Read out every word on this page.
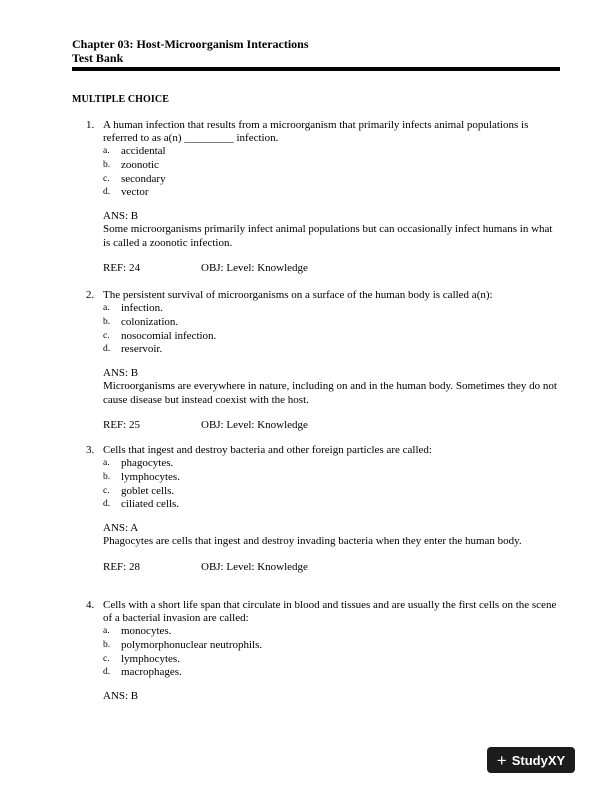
Chapter 03: Host-Microorganism Interactions
Test Bank
MULTIPLE CHOICE
1. A human infection that results from a microorganism that primarily infects animal populations is referred to as a(n) _________ infection.
a. accidental
b. zoonotic
c. secondary
d. vector
ANS: B
Some microorganisms primarily infect animal populations but can occasionally infect humans in what is called a zoonotic infection.
REF: 24	OBJ: Level: Knowledge
2. The persistent survival of microorganisms on a surface of the human body is called a(n):
a. infection.
b. colonization.
c. nosocomial infection.
d. reservoir.
ANS: B
Microorganisms are everywhere in nature, including on and in the human body. Sometimes they do not cause disease but instead coexist with the host.
REF: 25	OBJ: Level: Knowledge
3. Cells that ingest and destroy bacteria and other foreign particles are called:
a. phagocytes.
b. lymphocytes.
c. goblet cells.
d. ciliated cells.
ANS: A
Phagocytes are cells that ingest and destroy invading bacteria when they enter the human body.
REF: 28	OBJ: Level: Knowledge
4. Cells with a short life span that circulate in blood and tissues and are usually the first cells on the scene of a bacterial invasion are called:
a. monocytes.
b. polymorphonuclear neutrophils.
c. lymphocytes.
d. macrophages.
ANS: B
+ StudyXY
